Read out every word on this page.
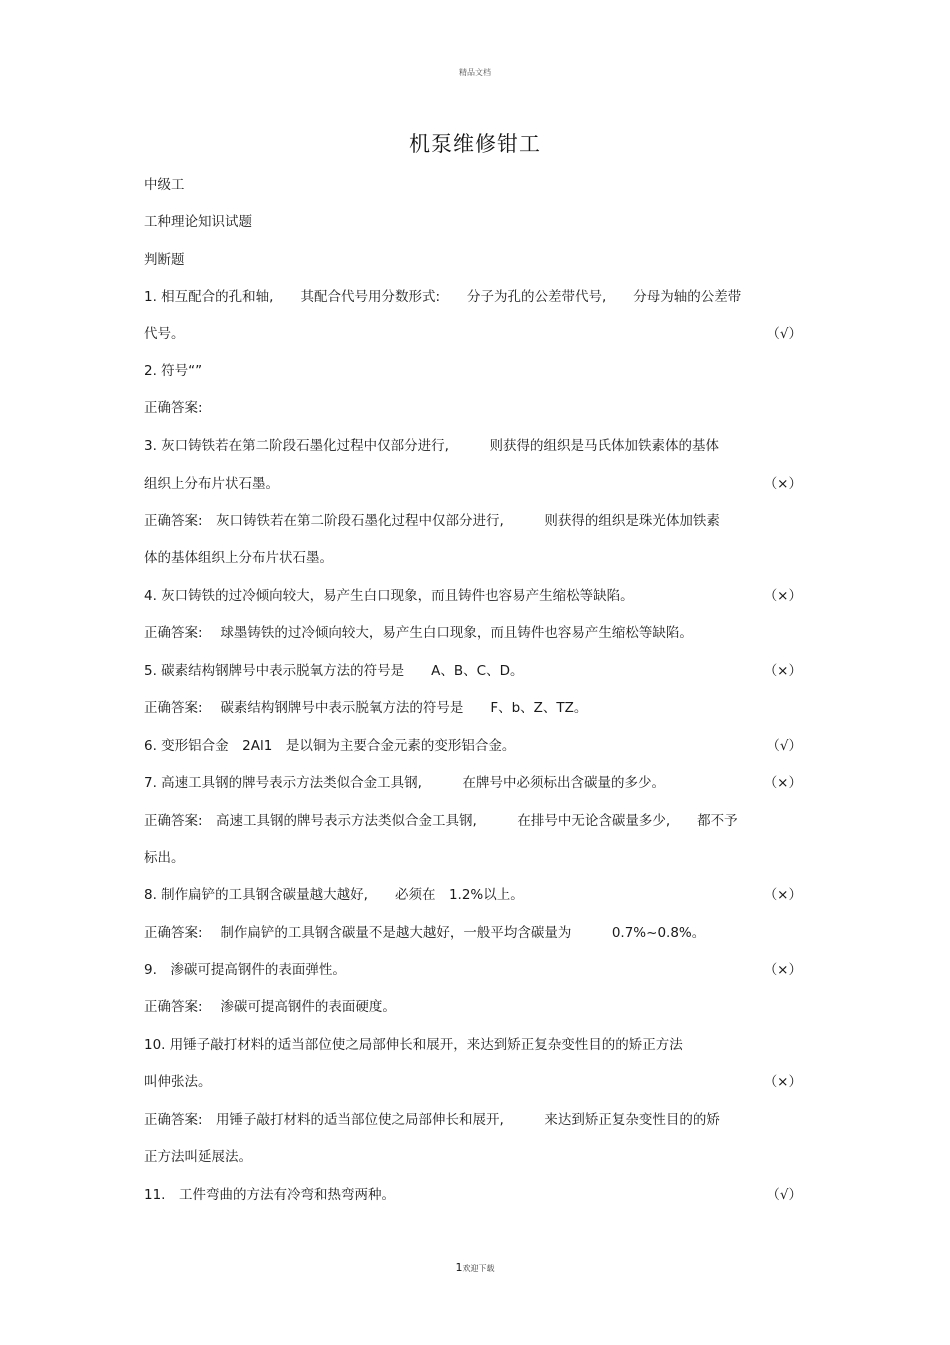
精品文档
机泵维修钳工
中级工
工种理论知识试题
判断题
1. 相互配合的孔和轴,　　其配合代号用分数形式:　　分子为孔的公差带代号,　　分母为轴的公差带
代号。	（√）
2. 符号“”
正确答案:
3. 灰口铸铁若在第二阶段石墨化过程中仅部分进行,　　　则获得的组织是马氏体加铁素体的基体
组织上分布片状石墨。	（×）
正确答案:　灰口铸铁若在第二阶段石墨化过程中仅部分进行,　　　则获得的组织是珠光体加铁素
体的基体组织上分布片状石墨。
4. 灰口铸铁的过冷倾向较大，易产生白口现象，而且铸件也容易产生缩松等缺陷。	（×）
正确答案:　 球墨铸铁的过冷倾向较大，易产生白口现象，而且铸件也容易产生缩松等缺陷。
5. 碳素结构钢牌号中表示脱氧方法的符号是　　A、B、C、D。	（×）
正确答案:　 碳素结构钢牌号中表示脱氧方法的符号是　　F、b、Z、TZ。
6. 变形铝合金　2Al1　是以铜为主要合金元素的变形铝合金。	（√）
7. 高速工具钢的牌号表示方法类似合金工具钢,　　　在牌号中必须标出含碳量的多少。	（×）
正确答案:　高速工具钢的牌号表示方法类似合金工具钢,　　　在排号中无论含碳量多少,　　都不予
标出。
8. 制作扁铲的工具钢含碳量越大越好,　　必须在　1.2%以上。	（×）
正确答案:　 制作扁铲的工具钢含碳量不是越大越好，一般平均含碳量为　　　0.7%~0.8%。
9.　渗碳可提高钢件的表面弹性。	（×）
正确答案:　 渗碳可提高钢件的表面硬度。
10. 用锤子敲打材料的适当部位使之局部伸长和展开，来达到矫正复杂变性目的的矫正方法
叫伸张法。	（×）
正确答案:　用锤子敲打材料的适当部位使之局部伸长和展开,　　　来达到矫正复杂变性目的的矫
正方法叫延展法。
11.　工件弯曲的方法有冷弯和热弯两种。	（√）
1欢迎下载
